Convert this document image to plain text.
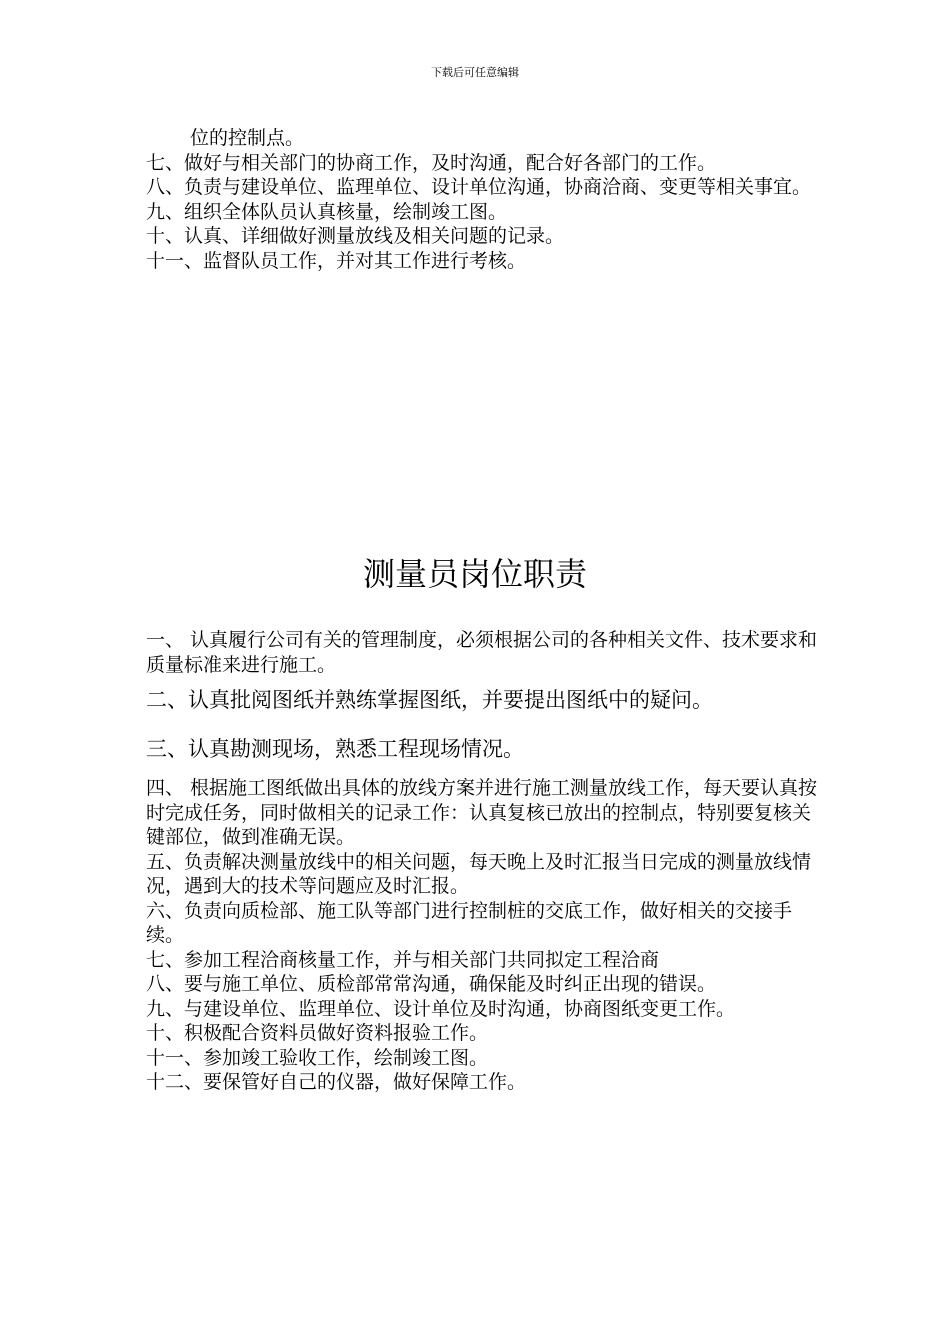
下载后可任意编辑

位的控制点。

七、做好与相关部门的协商工作，及时沟通，配合好各部门的工作。

八、负责与建设单位、监理单位、设计单位沟通，协商洽商、变更等相关事宜。

九、组织全体队员认真核量，绘制竣工图。

十、认真、详细做好测量放线及相关问题的记录。

十一、监督队员工作，并对其工作进行考核。

测量员岗位职责

一、 认真履行公司有关的管理制度，必须根据公司的各种相关文件、技术要求和质量标准来进行施工。

二、认真批阅图纸并熟练掌握图纸，并要提出图纸中的疑问。

三、认真勘测现场，熟悉工程现场情况。

四、 根据施工图纸做出具体的放线方案并进行施工测量放线工作，每天要认真按时完成任务，同时做相关的记录工作：认真复核已放出的控制点，特别要复核关键部位，做到准确无误。

五、负责解决测量放线中的相关问题，每天晚上及时汇报当日完成的测量放线情况，遇到大的技术等问题应及时汇报。

六、负责向质检部、施工队等部门进行控制桩的交底工作，做好相关的交接手续。

七、参加工程洽商核量工作，并与相关部门共同拟定工程洽商

八、要与施工单位、质检部常常沟通，确保能及时纠正出现的错误。

九、与建设单位、监理单位、设计单位及时沟通，协商图纸变更工作。

十、积极配合资料员做好资料报验工作。

十一、参加竣工验收工作，绘制竣工图。

十二、要保管好自己的仪器，做好保障工作。
